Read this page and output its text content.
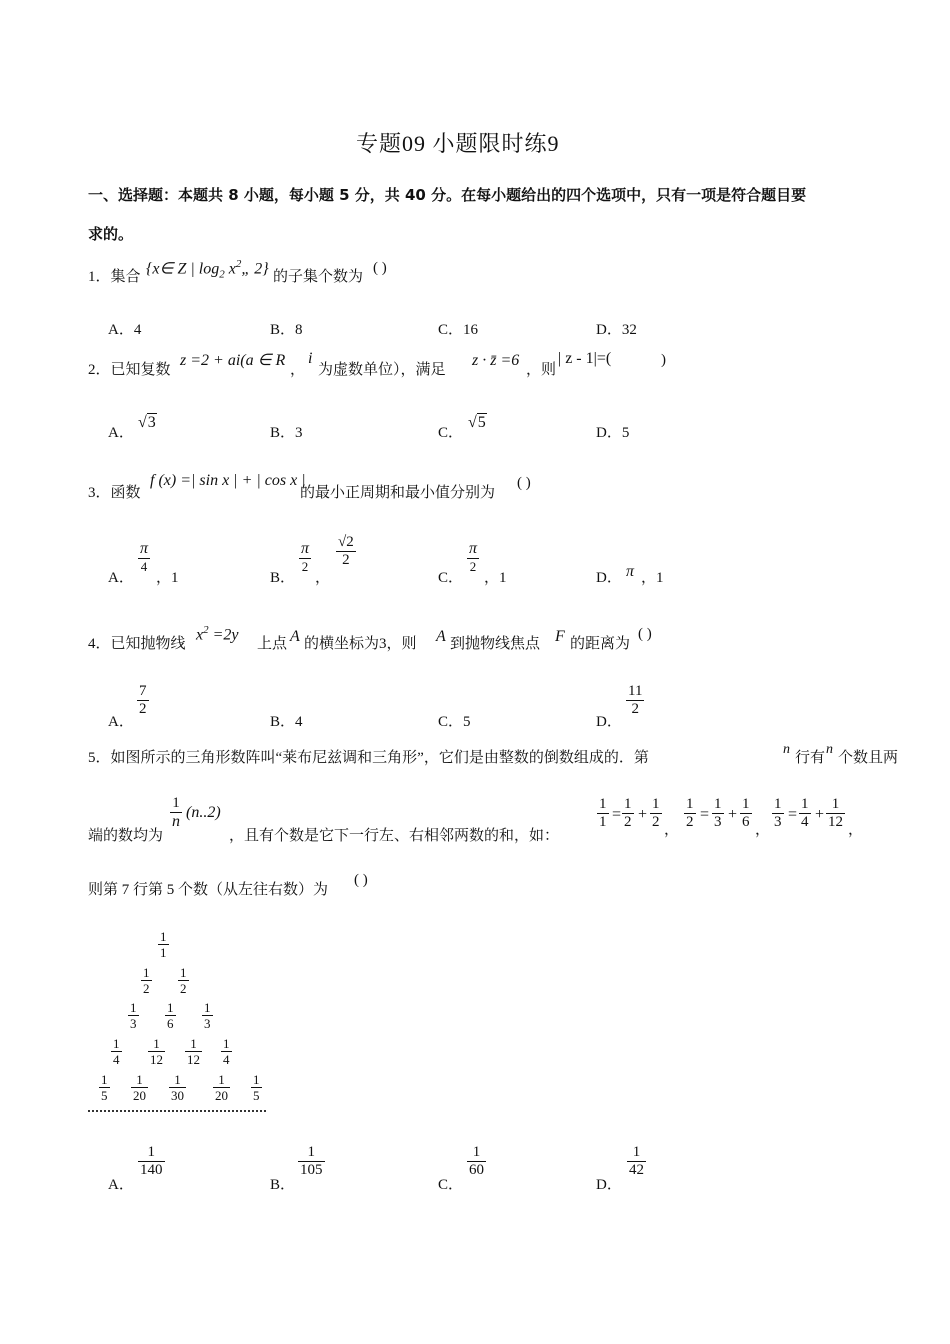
专题09 小题限时练9
一、选择题：本题共 8 小题，每小题 5 分，共 40 分。在每小题给出的四个选项中，只有一项是符合题目要
求的。
1．集合 {x∈ Z | $\log_2$ $x^2„$ 2} 的子集个数为
( )
A．4	B．8	C．16	D．32
2．已知复数
z =2 + ai(a ∈ R
，
i
为虚数单位），满足
z · z̄ =6
，则
| z - 1|=(	)
A．
√3
B．3	C．
√5
D．5
3．函数
f (x) =| sin x | + | cos x |
的最小正周期和最小值分别为
( )
A．
π
4
，1	B．
π
2
，
$\frac{√2}{2}$
C．
π
2
，1	D． π ，1
4．已知抛物线
$x^2 =2y$
上点 A 的横坐标为3，则 A 到抛物线焦点 F 的距离为
( )
A．
$\frac{7}{2}$
B．4	C．5	D．
$\frac{11}{2}$
5．如图所示的三角形数阵叫“莱布尼兹调和三角形”，它们是由整数的倒数组成的．第
n
行有
n
个数且两
端的数均为
$\frac{1}{n} (n..2)$
，且有个数是它下一行左、右相邻两数的和，如：
$\frac{1}{1} = \frac{1}{2} + \frac{1}{2}$ ， $\frac{1}{2} = \frac{1}{3} + \frac{1}{6}$ ， $\frac{1}{3} = \frac{1}{4} + \frac{1}{12}$ ，
则第 7 行第 5 个数（从左往右数）为
( )
$\frac{1}{1}$
$\frac{1}{2} \frac{1}{2}$
$\frac{1}{3} \frac{1}{6} \frac{1}{3}$
$\frac{1}{4} \frac{1}{12} \frac{1}{12} \frac{1}{4}$
$\frac{1}{5} \frac{1}{20} \frac{1}{30} \frac{1}{20} \frac{1}{5}$
A．
$\frac{1}{140}$
B．
$\frac{1}{105}$
C．
$\frac{1}{60}$
D．
$\frac{1}{42}$
